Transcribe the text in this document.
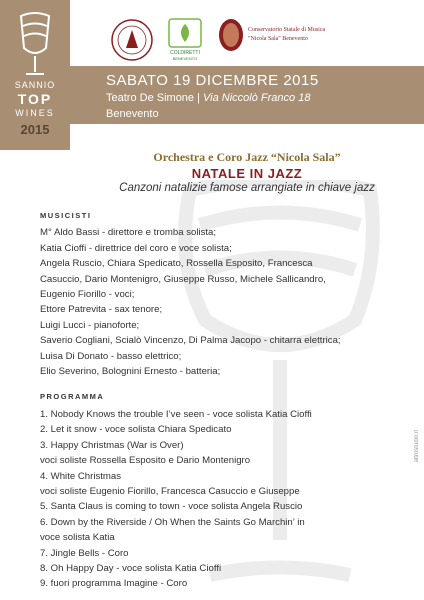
SANNIO
TOP
WINES
2015
COLDIRETTI
BENEVENTO
Conservatorio Statale di Musica
"Nicola Sala" Benevento
SABATO 19 DICEMBRE 2015
Teatro De Simone | Via Niccolò Franco 18
Benevento
Orchestra e Coro Jazz “Nicola Sala”
NATALE IN JAZZ
Canzoni natalizie famose arrangiate in chiave jazz
MUSICISTI
M° Aldo Bassi - direttore e tromba solista;
Katia Cioffi - direttrice del coro e voce solista;
Angela Ruscio, Chiara Spedicato, Rossella Esposito, Francesca
Casuccio, Dario Montenigro, Giuseppe Russo, Michele Sallicandro,
Eugenio Fiorillo - voci;
Ettore Patrevita - sax tenore;
Luigi Lucci - pianoforte;
Saverio Cogliani, Scialò Vincenzo, Di Palma Jacopo - chitarra elettrica;
Luisa Di Donato - basso elettrico;
Elio Severino, Bolognini Ernesto - batteria;
PROGRAMMA
1. Nobody Knows the trouble I’ve seen - voce solista Katia Cioffi
2. Let it snow - voce solista Chiara Spedicato
3. Happy Christmas (War is Over)
voci soliste Rossella Esposito e Dario Montenigro
4. White Christmas
voci soliste Eugenio Fiorillo, Francesca Casuccio e Giuseppe
5. Santa Claus is coming to town - voce solista Angela Ruscio
6. Down by the Riverside / Oh When the Saints Go Marchin’ in
voce solista Katia
7. Jingle Bells - Coro
8. Oh Happy Day - voce solista Katia Cioffi
9. fuori programma Imagine - Coro
altrostudio.it
